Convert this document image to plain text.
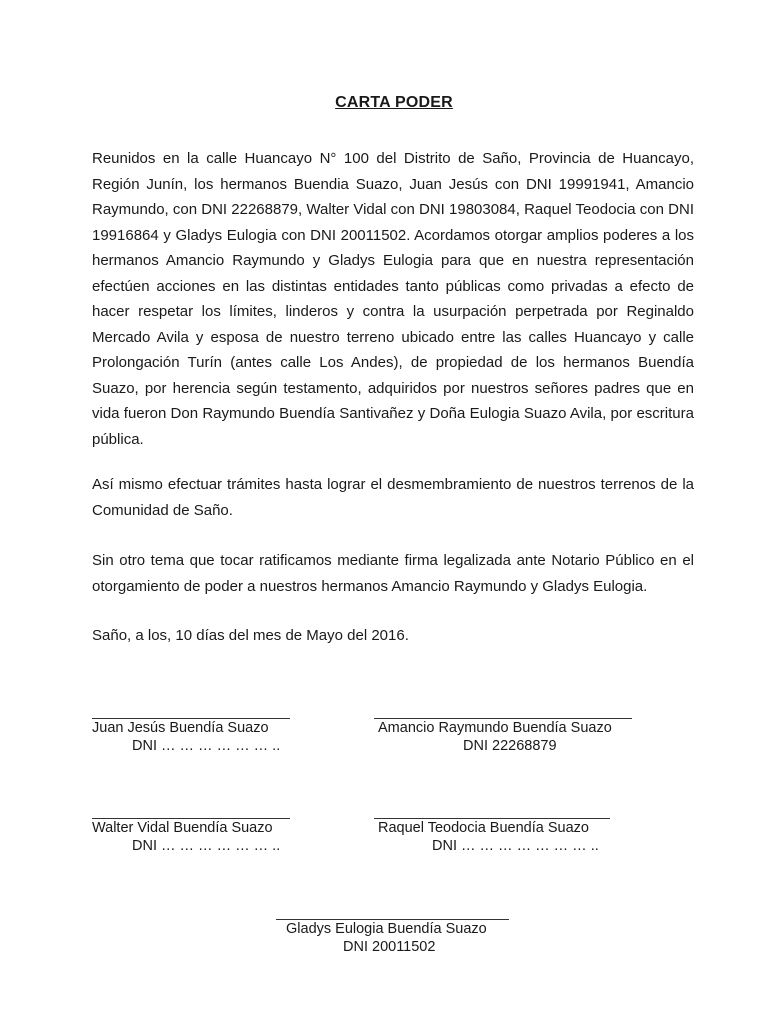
CARTA PODER

Reunidos en la calle Huancayo N° 100 del Distrito de Saño, Provincia de Huancayo, Región Junín, los hermanos Buendia Suazo, Juan Jesús con DNI 19991941, Amancio Raymundo, con DNI 22268879, Walter Vidal con DNI 19803084, Raquel Teodocia con DNI 19916864 y Gladys Eulogia con DNI 20011502. Acordamos otorgar amplios poderes a los hermanos Amancio Raymundo y Gladys Eulogia para que en nuestra representación efectúen acciones en las distintas entidades tanto públicas como privadas a efecto de hacer respetar los límites, linderos y contra la usurpación perpetrada por Reginaldo Mercado Avila y esposa de nuestro terreno ubicado entre las calles Huancayo y calle Prolongación Turín (antes calle Los Andes), de propiedad de los hermanos Buendía Suazo, por herencia según testamento, adquiridos por nuestros señores padres que en vida fueron Don Raymundo Buendía Santivañez y Doña Eulogia Suazo Avila, por escritura pública.

Así mismo efectuar trámites hasta lograr el desmembramiento de nuestros terrenos de la Comunidad de Saño.

Sin otro tema que tocar ratificamos mediante firma legalizada ante Notario Público en el otorgamiento de poder a nuestros hermanos Amancio Raymundo y Gladys Eulogia.

Saño, a los, 10 días del mes de Mayo del 2016.

Juan Jesús Buendía Suazo
DNI … … … … … … ..
Amancio Raymundo Buendía Suazo
DNI 22268879
Walter Vidal Buendía Suazo
DNI … … … … … … ..
Raquel Teodocia Buendía Suazo
DNI … … … … … … … ..
Gladys Eulogia Buendía Suazo
DNI 20011502
